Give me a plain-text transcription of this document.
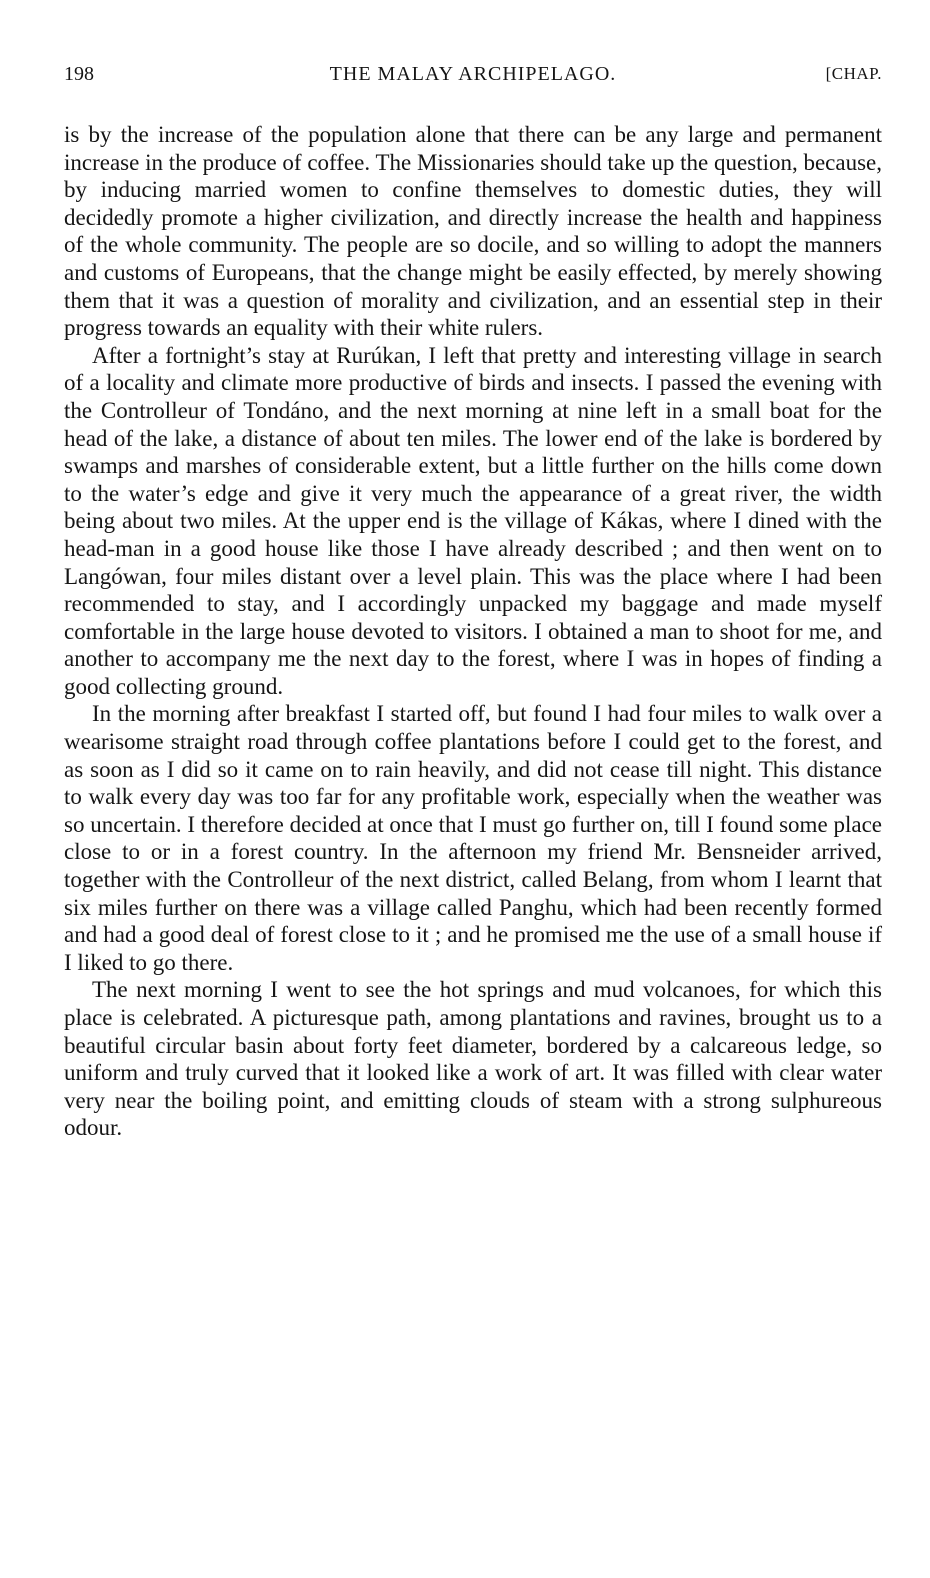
198	THE MALAY ARCHIPELAGO.	[CHAP.

is by the increase of the population alone that there can be any large and permanent increase in the produce of coffee. The Missionaries should take up the question, because, by inducing married women to confine themselves to domestic duties, they will decidedly promote a higher civilization, and directly increase the health and happiness of the whole community. The people are so docile, and so willing to adopt the manners and customs of Europeans, that the change might be easily effected, by merely showing them that it was a question of morality and civilization, and an essential step in their progress towards an equality with their white rulers.

After a fortnight’s stay at Rurúkan, I left that pretty and interesting village in search of a locality and climate more productive of birds and insects. I passed the evening with the Controlleur of Tondáno, and the next morning at nine left in a small boat for the head of the lake, a distance of about ten miles. The lower end of the lake is bordered by swamps and marshes of considerable extent, but a little further on the hills come down to the water’s edge and give it very much the appearance of a great river, the width being about two miles. At the upper end is the village of Kákas, where I dined with the head-man in a good house like those I have already described ; and then went on to Langówan, four miles distant over a level plain. This was the place where I had been recommended to stay, and I accordingly unpacked my baggage and made myself comfortable in the large house devoted to visitors. I obtained a man to shoot for me, and another to accompany me the next day to the forest, where I was in hopes of finding a good collecting ground.

In the morning after breakfast I started off, but found I had four miles to walk over a wearisome straight road through coffee plantations before I could get to the forest, and as soon as I did so it came on to rain heavily, and did not cease till night. This distance to walk every day was too far for any profitable work, especially when the weather was so uncertain. I therefore decided at once that I must go further on, till I found some place close to or in a forest country. In the afternoon my friend Mr. Bensneider arrived, together with the Controlleur of the next district, called Belang, from whom I learnt that six miles further on there was a village called Panghu, which had been recently formed and had a good deal of forest close to it ; and he promised me the use of a small house if I liked to go there.

The next morning I went to see the hot springs and mud volcanoes, for which this place is celebrated. A picturesque path, among plantations and ravines, brought us to a beautiful circular basin about forty feet diameter, bordered by a calcareous ledge, so uniform and truly curved that it looked like a work of art. It was filled with clear water very near the boiling point, and emitting clouds of steam with a strong sulphureous odour.
